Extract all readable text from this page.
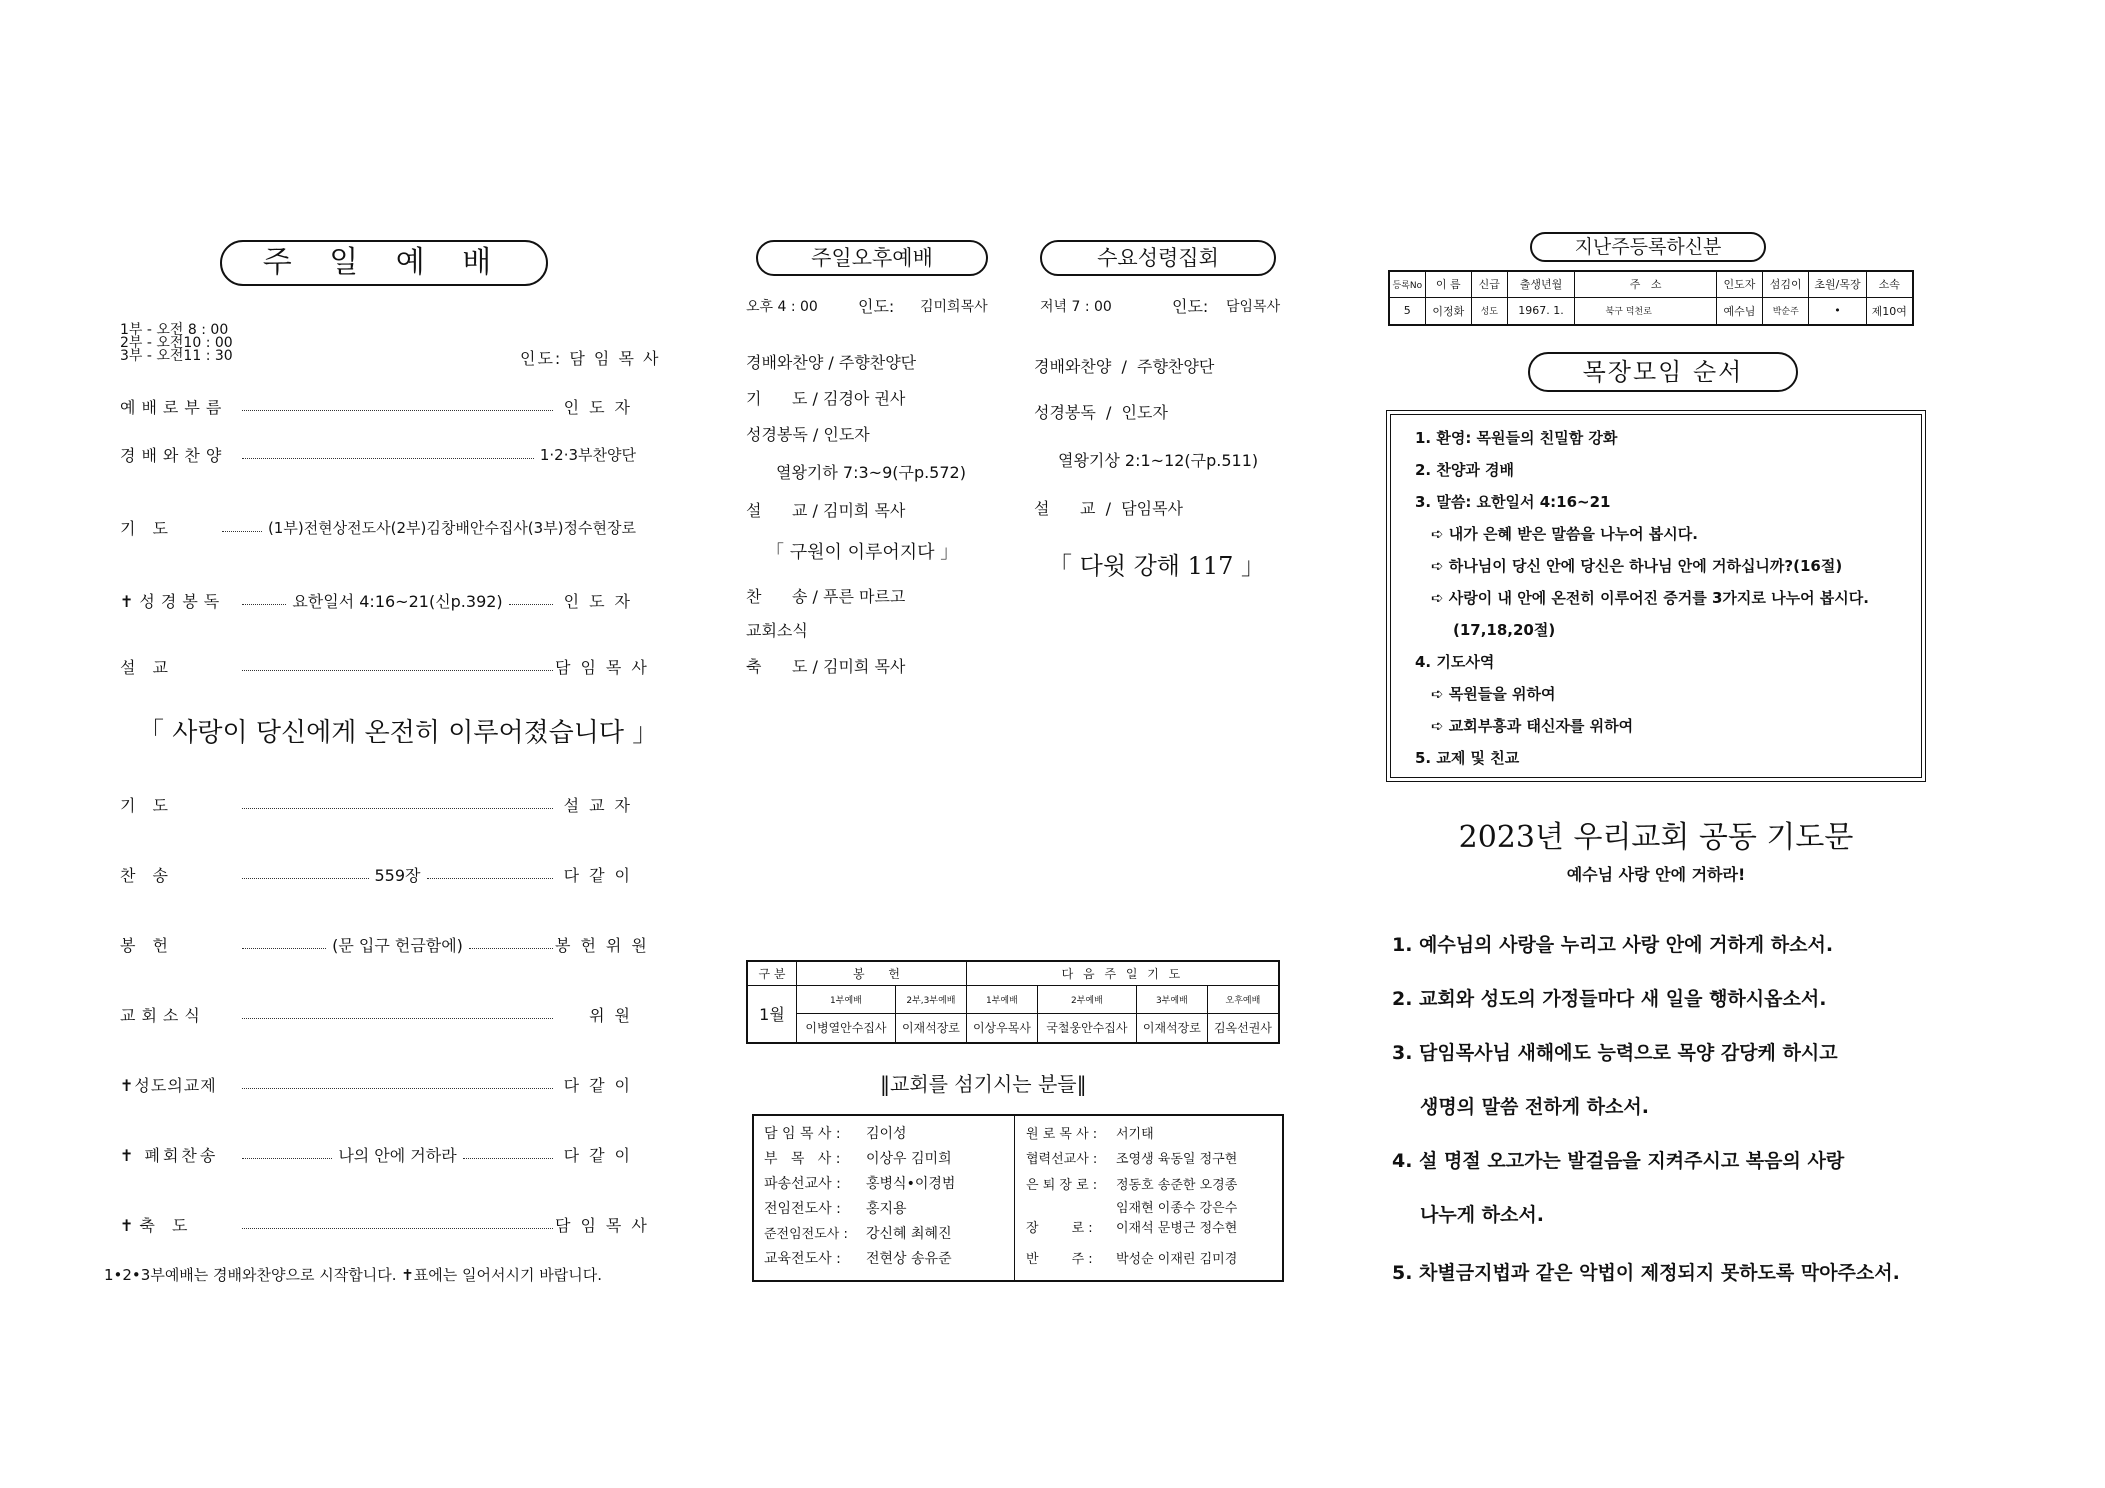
주 일 예 배
1부 - 오전 8 : 00
2부 - 오전10 : 00
3부 - 오전11 : 30	인도: 담 임 목 사
예배로부름	인도자
경배와찬양	1·2·3부찬양단
기 도	(1부)전현상전도사(2부)김창배안수집사(3부)정수현장로
✝성경봉독	요한일서 4:16~21(신p.392)	인도자
설 교	담임목사
「 사랑이 당신에게 온전히 이루어졌습니다 」
기 도	설교자
찬 송	559장	다같이
봉 헌	(문 입구 헌금함에)	봉헌위원
교회소식	위원
✝성도의교제	다같이
✝ 폐회찬송	나의 안에 거하라	다같이
✝축 도	담임목사
1•2•3부예배는 경배와찬양으로 시작합니다. ✝표에는 일어서시기 바랍니다.
주일오후예배
오후 4 : 00	인도: 김미희목사
경배와찬양 / 주향찬양단
기      도 / 김경아 권사
성경봉독 / 인도자
열왕기하 7:3~9(구p.572)
설      교 / 김미희 목사
「 구원이 이루어지다 」
찬      송 / 푸른 마르고
교회소식
축      도 / 김미희 목사
수요성령집회
저녁 7 : 00	인도: 담임목사
경배와찬양  /  주향찬양단
성경봉독  /  인도자
열왕기상 2:1~12(구p.511)
설      교  /  담임목사
「 다윗 강해 117 」
구 분	봉 헌		다 음 주 일 기 도			
1월	1부예배	2부,3부예배	1부예배	2부예배	3부예배	오후예배
	이병열안수집사	이재석장로	이상우목사	국철웅안수집사	이재석장로	김옥선권사
‖교회를 섬기시는 분들‖
담 임 목 사 : 김이성
부   목   사 : 이상우 김미희
파송선교사 : 홍병식•이경범
전임전도사 : 홍지용
준전임전도사 : 강신혜 최혜진
교육전도사 : 전현상 송유준
원 로 목 사 : 서기태
협력선교사 : 조영생 육동일 정구현
은 퇴 장 로 : 정동호 송준한 오경종
임재현 이종수 강은수
장        로 : 이재석 문병근 정수현
반        주 : 박성순 이재린 김미경
지난주등록하신분
등록No	이 름	신급	출생년월	주   소	인도자	섬김이	초원/목장	소속
5	이정화	성도	1967. 1.	북구 덕천로	예수님	박순주	•	제10여
목장모임 순서
1. 환영: 목원들의 친밀함 강화
2. 찬양과 경배
3. 말씀: 요한일서 4:16~21
➪ 내가 은혜 받은 말씀을 나누어 봅시다.
➪ 하나님이 당신 안에 당신은 하나님 안에 거하십니까?(16절)
➪ 사랑이 내 안에 온전히 이루어진 증거를 3가지로 나누어 봅시다.
(17,18,20절)
4. 기도사역
➪ 목원들을 위하여
➪ 교회부흥과 태신자를 위하여
5. 교제 및 친교
2023년 우리교회 공동 기도문
예수님 사랑 안에 거하라!
1. 예수님의 사랑을 누리고 사랑 안에 거하게 하소서.
2. 교회와 성도의 가정들마다 새 일을 행하시옵소서.
3. 담임목사님 새해에도 능력으로 목양 감당케 하시고
생명의 말씀 전하게 하소서.
4. 설 명절 오고가는 발걸음을 지켜주시고 복음의 사랑
나누게 하소서.
5. 차별금지법과 같은 악법이 제정되지 못하도록 막아주소서.
